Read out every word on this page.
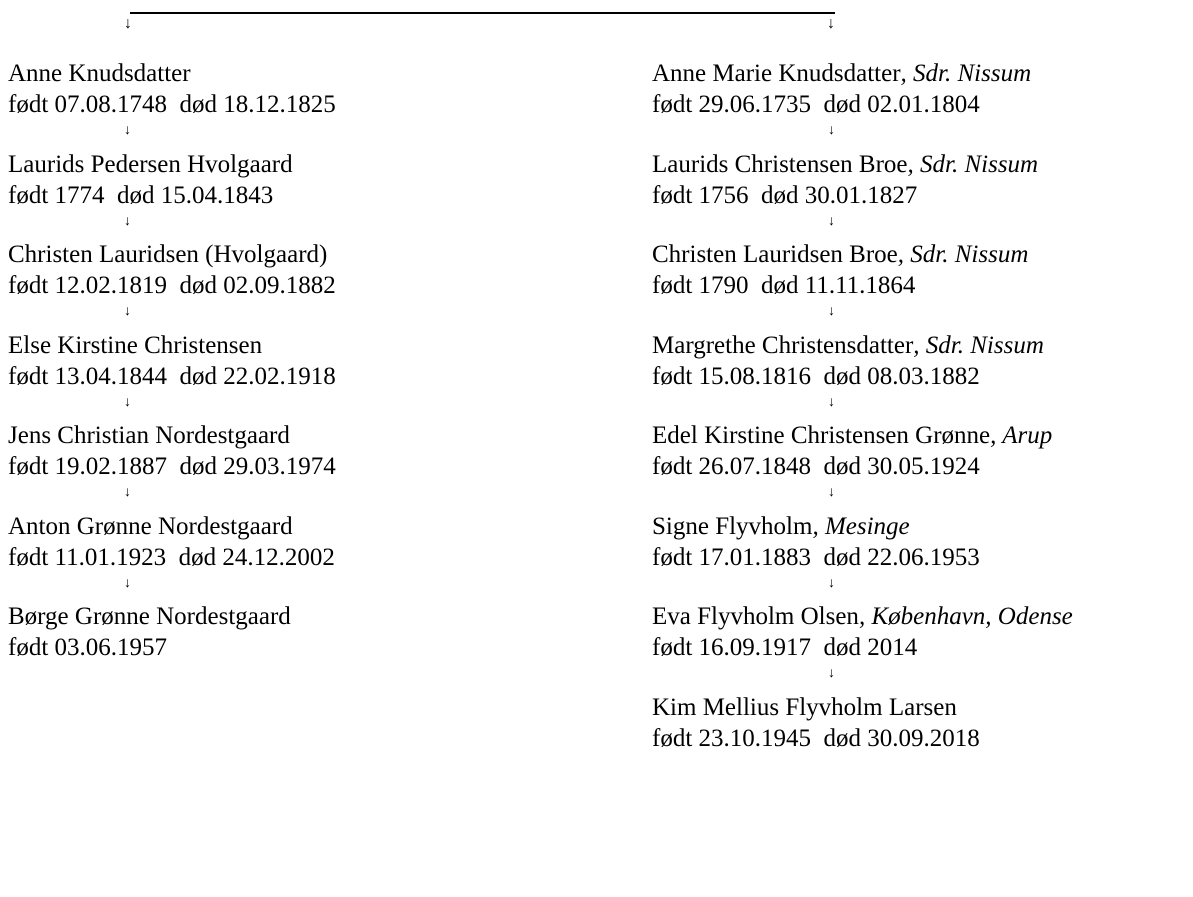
↓	↓
Anne Knudsdatter
født 07.08.1748 død 18.12.1825
↓
Laurids Pedersen Hvolgaard
født 1774 død 15.04.1843
↓
Christen Lauridsen (Hvolgaard)
født 12.02.1819 død 02.09.1882
↓
Else Kirstine Christensen
født 13.04.1844 død 22.02.1918
↓
Jens Christian Nordestgaard
født 19.02.1887 død 29.03.1974
↓
Anton Grønne Nordestgaard
født 11.01.1923 død 24.12.2002
↓
Børge Grønne Nordestgaard
født 03.06.1957
Anne Marie Knudsdatter, Sdr. Nissum
født 29.06.1735 død 02.01.1804
↓
Laurids Christensen Broe, Sdr. Nissum
født 1756 død 30.01.1827
↓
Christen Lauridsen Broe, Sdr. Nissum
født 1790 død 11.11.1864
↓
Margrethe Christensdatter, Sdr. Nissum
født 15.08.1816 død 08.03.1882
↓
Edel Kirstine Christensen Grønne, Arup
født 26.07.1848 død 30.05.1924
↓
Signe Flyvholm, Mesinge
født 17.01.1883 død 22.06.1953
↓
Eva Flyvholm Olsen, København, Odense
født 16.09.1917 død 2014
↓
Kim Mellius Flyvholm Larsen
født 23.10.1945 død 30.09.2018
